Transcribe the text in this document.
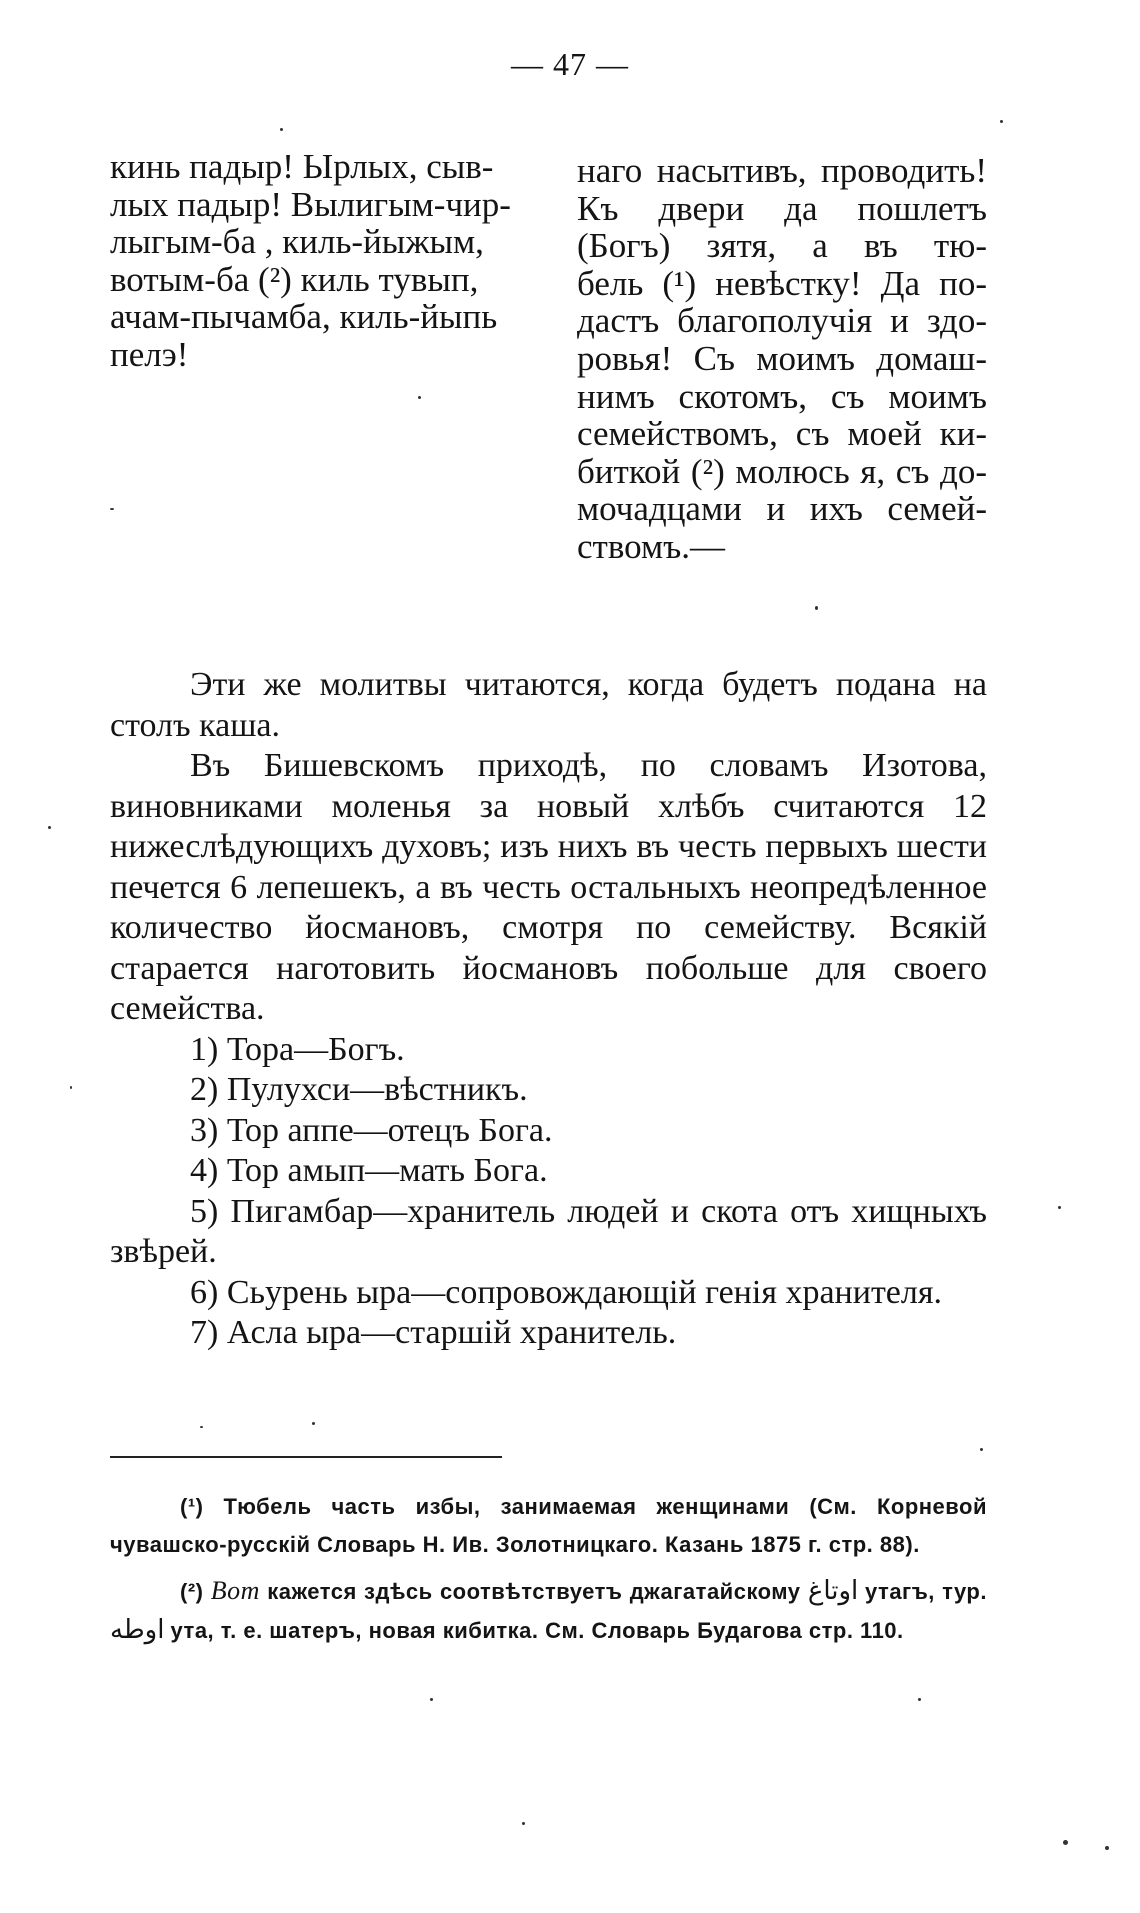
— 47 —
кинь падыр! Ырлых, сыв-
лых падыр! Вылигым-чир-
лыгым-ба , киль-йыжым,
вотым-ба (²) киль тувып,
ачам-пычамба, киль-йыпь
пелэ!
наго насытивъ, проводить!
Къ двери да пошлетъ
(Богъ) зятя, а въ тю-
бель (¹) невѣстку! Да по-
дастъ благополучія и здо-
ровья! Съ моимъ домаш-
нимъ скотомъ, съ моимъ
семействомъ, съ моей ки-
биткой (²) молюсь я, съ до-
мочадцами и ихъ семей-
ствомъ.—

Эти же молитвы читаются, когда будетъ подана на столъ каша.

Въ Бишевскомъ приходѣ, по словамъ Изотова, виновниками моленья за новый хлѣбъ считаются 12 нижеслѣдующихъ духовъ; изъ нихъ въ честь первыхъ шести печется 6 лепешекъ, а въ честь остальныхъ неопредѣленное количество йосмановъ, смотря по семейству. Всякій старается наготовить йосмановъ побольше для своего семейства.

1) Тора—Богъ.
2) Пулухси—вѣстникъ.
3) Тор аппе—отецъ Бога.
4) Тор амып—мать Бога.
5) Пигамбар—хранитель людей и скота отъ хищныхъ звѣрей.
6) Сьурень ыра—сопровождающій генія хранителя.
7) Асла ыра—старшій хранитель.

(¹) Тюбель часть избы, занимаемая женщинами (См. Корневой чувашско-русскій Словарь Н. Ив. Золотницкаго. Казань 1875 г. стр. 88).

(²) Вот кажется здѣсь соотвѣтствуетъ джагатайскому اوتاغ утагъ, тур. اوطه ута, т. е. шатеръ, новая кибитка. См. Словарь Будагова стр. 110.
